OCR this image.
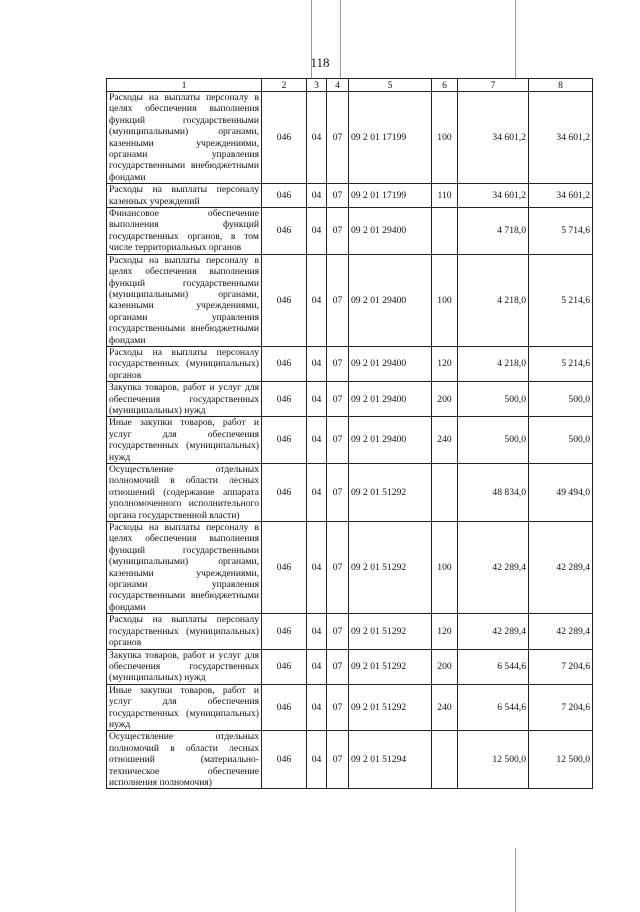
118
1	2	3	4	5	6	7	8
Расходы на выплаты персоналу в целях обеспечения выполнения функций государственными (муниципальными) органами, казенными учреждениями, органами управления государственными внебюджетными фондами	046	04	07	09 2 01 17199	100	34 601,2	34 601,2
Расходы на выплаты персоналу казенных учреждений	046	04	07	09 2 01 17199	110	34 601,2	34 601,2
Финансовое обеспечение выполнения функций государственных органов, в том числе территориальных органов	046	04	07	09 2 01 29400		4 718,0	5 714,6
Расходы на выплаты персоналу в целях обеспечения выполнения функций государственными (муниципальными) органами, казенными учреждениями, органами управления государственными внебюджетными фондами	046	04	07	09 2 01 29400	100	4 218,0	5 214,6
Расходы на выплаты персоналу государственных (муниципальных) органов	046	04	07	09 2 01 29400	120	4 218,0	5 214,6
Закупка товаров, работ и услуг для обеспечения государственных (муниципальных) нужд	046	04	07	09 2 01 29400	200	500,0	500,0
Иные закупки товаров, работ и услуг для обеспечения государственных (муниципальных) нужд	046	04	07	09 2 01 29400	240	500,0	500,0
Осуществление отдельных полномочий в области лесных отношений (содержание аппарата уполномоченного исполнительного органа государственной власти)	046	04	07	09 2 01 51292		48 834,0	49 494,0
Расходы на выплаты персоналу в целях обеспечения выполнения функций государственными (муниципальными) органами, казенными учреждениями, органами управления государственными внебюджетными фондами	046	04	07	09 2 01 51292	100	42 289,4	42 289,4
Расходы на выплаты персоналу государственных (муниципальных) органов	046	04	07	09 2 01 51292	120	42 289,4	42 289,4
Закупка товаров, работ и услуг для обеспечения государственных (муниципальных) нужд	046	04	07	09 2 01 51292	200	6 544,6	7 204,6
Иные закупки товаров, работ и услуг для обеспечения государственных (муниципальных) нужд	046	04	07	09 2 01 51292	240	6 544,6	7 204,6
Осуществление отдельных полномочий в области лесных отношений (материально-техническое обеспечение исполнения полномочия)	046	04	07	09 2 01 51294		12 500,0	12 500,0
